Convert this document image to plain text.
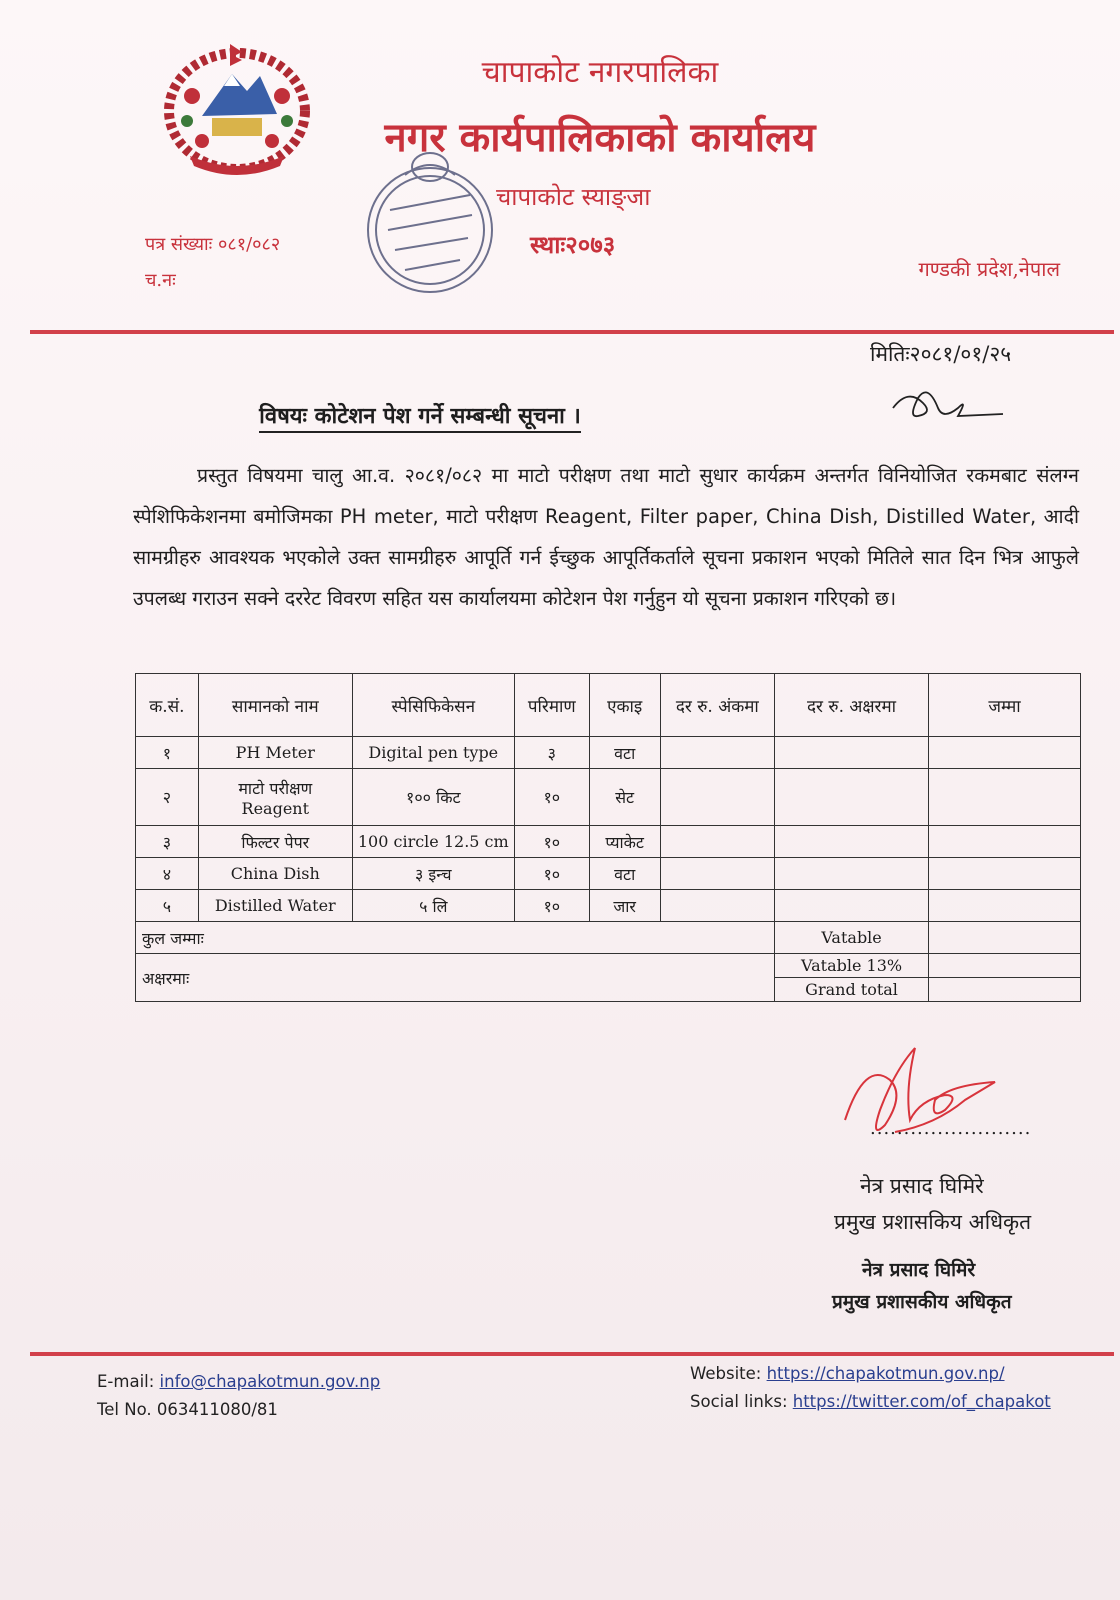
चापाकोट नगरपालिका
नगर कार्यपालिकाको कार्यालय
चापाकोट स्याङ्जा
स्थाः२०७३
पत्र संख्याः ०८१/०८२
च.नः	गण्डकी प्रदेश,नेपाल
मितिः२०८१/०१/२५
विषयः कोटेशन पेश गर्ने सम्बन्धी सूचना ।
प्रस्तुत विषयमा चालु आ.व. २०८१/०८२ मा माटो परीक्षण तथा माटो सुधार कार्यक्रम अन्तर्गत विनियोजित रकमबाट संलग्न स्पेशिफिकेशनमा बमोजिमका PH meter, माटो परीक्षण Reagent, Filter paper, China Dish, Distilled Water, आदी सामग्रीहरु आवश्यक भएकोले उक्त सामग्रीहरु आपूर्ति गर्न ईच्छुक आपूर्तिकर्ताले सूचना प्रकाशन भएको मितिले सात दिन भित्र आफुले उपलब्ध गराउन सक्ने दररेट विवरण सहित यस कार्यालयमा कोटेशन पेश गर्नुहुन यो सूचना प्रकाशन गरिएको छ।
क.सं.	सामानको नाम	स्पेसिफिकेसन	परिमाण	एकाइ	दर रु. अंकमा	दर रु. अक्षरमा	जम्मा
१	PH Meter	Digital pen type	३	वटा			
२	माटो परीक्षण Reagent	१०० किट	१०	सेट			
३	फिल्टर पेपर	100 circle 12.5 cm	१०	प्याकेट			
४	China Dish	३ इन्च	१०	वटा			
५	Distilled Water	५ लि	१०	जार			
कुल जम्माः						Vatable	
अक्षरमाः						Vatable 13%	
						Grand total	
........................
नेत्र प्रसाद घिमिरे
प्रमुख प्रशासकिय अधिकृत
नेत्र प्रसाद घिमिरे
प्रमुख प्रशासकीय अधिकृत
E-mail: info@chapakotmun.gov.np
Tel No. 063411080/81
Website: https://chapakotmun.gov.np/
Social links: https://twitter.com/of_chapakot
